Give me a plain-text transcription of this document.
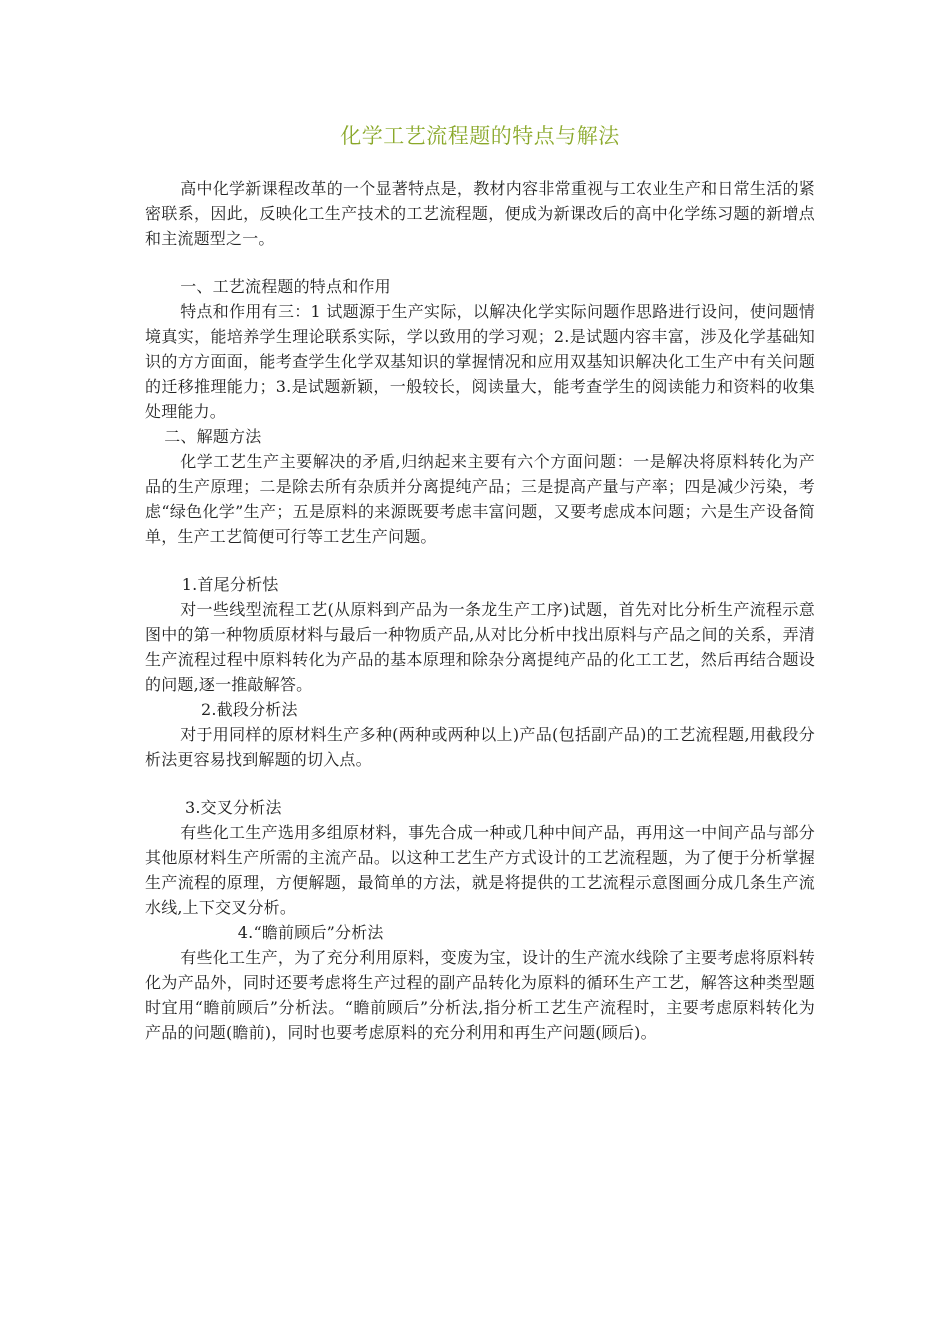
化学工艺流程题的特点与解法

高中化学新课程改革的一个显著特点是，教材内容非常重视与工农业生产和日常生活的紧密联系，因此，反映化工生产技术的工艺流程题，便成为新课改后的高中化学练习题的新增点和主流题型之一。

一、工艺流程题的特点和作用

特点和作用有三：1 试题源于生产实际，以解决化学实际问题作思路进行设问，使问题情境真实，能培养学生理论联系实际，学以致用的学习观；2.是试题内容丰富，涉及化学基础知识的方方面面，能考查学生化学双基知识的掌握情况和应用双基知识解决化工生产中有关问题的迁移推理能力；3.是试题新颖，一般较长，阅读量大，能考查学生的阅读能力和资料的收集处理能力。

二、解题方法

化学工艺生产主要解决的矛盾,归纳起来主要有六个方面问题：一是解决将原料转化为产品的生产原理；二是除去所有杂质并分离提纯产品；三是提高产量与产率；四是减少污染，考虑“绿色化学”生产；五是原料的来源既要考虑丰富问题，又要考虑成本问题；六是生产设备简单，生产工艺简便可行等工艺生产问题。

1.首尾分析怯

对一些线型流程工艺(从原料到产品为一条龙生产工序)试题，首先对比分析生产流程示意图中的第一种物质原材料与最后一种物质产品,从对比分析中找出原料与产品之间的关系，弄清生产流程过程中原料转化为产品的基本原理和除杂分离提纯产品的化工工艺，然后再结合题设的问题,逐一推敲解答。

2.截段分析法

对于用同样的原材料生产多种(两种或两种以上)产品(包括副产品)的工艺流程题,用截段分析法更容易找到解题的切入点。

3.交叉分析法

有些化工生产选用多组原材料，事先合成一种或几种中间产品，再用这一中间产品与部分其他原材料生产所需的主流产品。以这种工艺生产方式设计的工艺流程题，为了便于分析掌握生产流程的原理，方便解题，最简单的方法，就是将提供的工艺流程示意图画分成几条生产流水线,上下交叉分析。

4.“瞻前顾后”分析法

有些化工生产，为了充分利用原料，变废为宝，设计的生产流水线除了主要考虑将原料转化为产品外，同时还要考虑将生产过程的副产品转化为原料的循环生产工艺，解答这种类型题时宜用“瞻前顾后”分析法。“瞻前顾后”分析法,指分析工艺生产流程时，主要考虑原料转化为产品的问题(瞻前)，同时也要考虑原料的充分利用和再生产问题(顾后)。
